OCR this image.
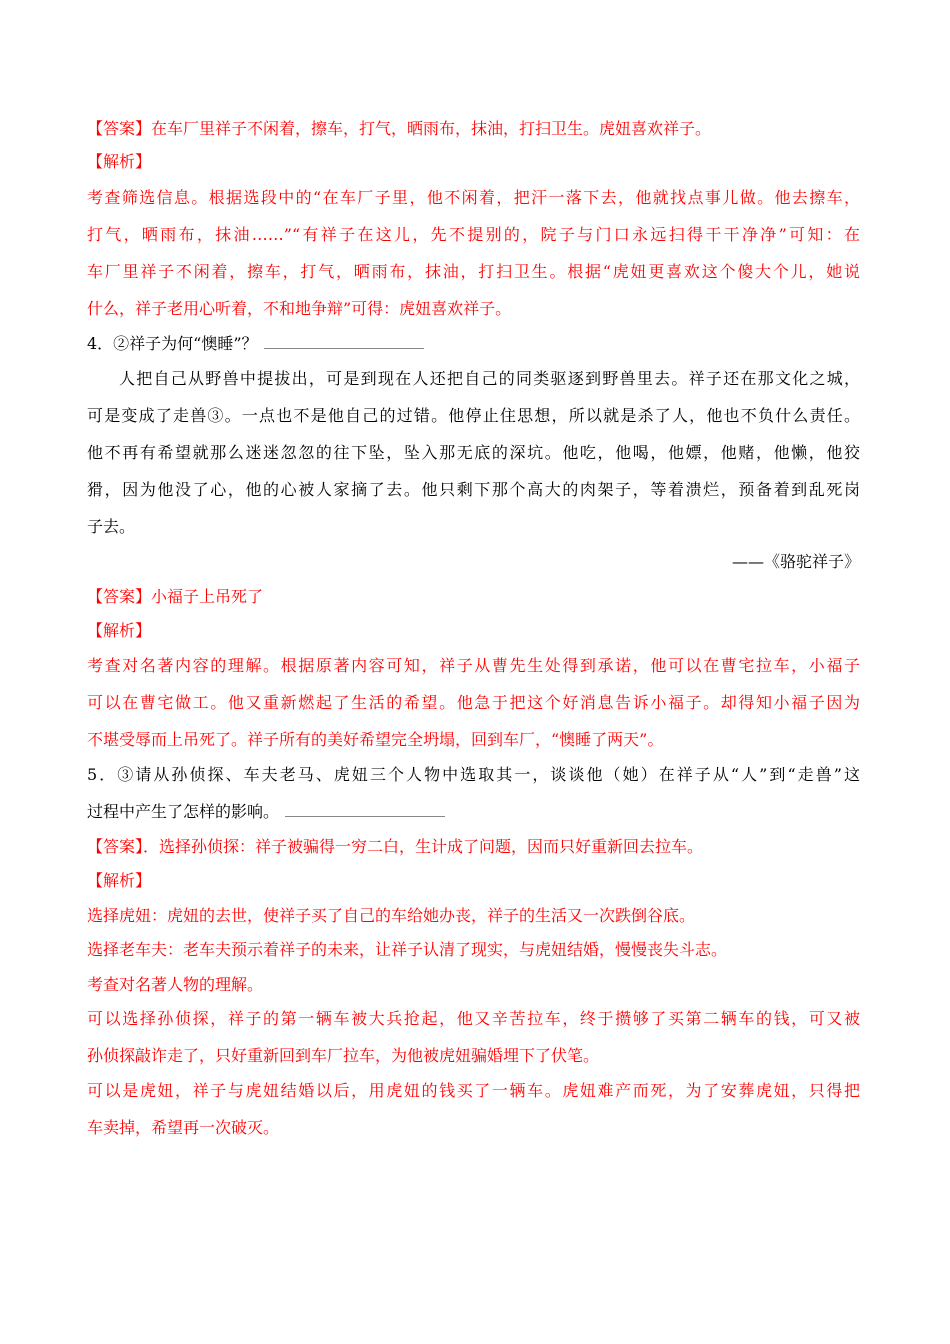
【答案】在车厂里祥子不闲着，擦车，打气，晒雨布，抹油，打扫卫生。虎妞喜欢祥子。
【解析】
考查筛选信息。根据选段中的“在车厂子里，他不闲着，把汗一落下去，他就找点事儿做。他去擦车，
打气，晒雨布，抹油……”“有祥子在这儿，先不提别的，院子与门口永远扫得干干净净”可知：在
车厂里祥子不闲着，擦车，打气，晒雨布，抹油，打扫卫生。根据“虎妞更喜欢这个傻大个儿，她说
什么，祥子老用心听着，不和地争辩”可得：虎妞喜欢祥子。
4．②祥子为何“懊睡”？
人把自己从野兽中提拔出，可是到现在人还把自己的同类驱逐到野兽里去。祥子还在那文化之城，
可是变成了走兽③。一点也不是他自己的过错。他停止住思想，所以就是杀了人，他也不负什么责任。
他不再有希望就那么迷迷忽忽的往下坠，坠入那无底的深坑。他吃，他喝，他嫖，他赌，他懒，他狡
猾，因为他没了心，他的心被人家摘了去。他只剩下那个高大的肉架子，等着溃烂，预备着到乱死岗
子去。
——《骆驼祥子》
【答案】小福子上吊死了
【解析】
考查对名著内容的理解。根据原著内容可知，祥子从曹先生处得到承诺，他可以在曹宅拉车，小福子
可以在曹宅做工。他又重新燃起了生活的希望。他急于把这个好消息告诉小福子。却得知小福子因为
不堪受辱而上吊死了。祥子所有的美好希望完全坍塌，回到车厂，“懊睡了两天”。
5．③请从孙侦探、车夫老马、虎妞三个人物中选取其一，谈谈他（她）在祥子从“人”到“走兽”这
过程中产生了怎样的影响。
【答案】．选择孙侦探：祥子被骗得一穷二白，生计成了问题，因而只好重新回去拉车。
【解析】
选择虎妞：虎妞的去世，使祥子买了自己的车给她办丧，祥子的生活又一次跌倒谷底。
选择老车夫：老车夫预示着祥子的未来，让祥子认清了现实，与虎妞结婚，慢慢丧失斗志。
考查对名著人物的理解。
可以选择孙侦探，祥子的第一辆车被大兵抢起，他又辛苦拉车，终于攒够了买第二辆车的钱，可又被
孙侦探敲诈走了，只好重新回到车厂拉车，为他被虎妞骗婚埋下了伏笔。
可以是虎妞，祥子与虎妞结婚以后，用虎妞的钱买了一辆车。虎妞难产而死，为了安葬虎妞，只得把
车卖掉，希望再一次破灭。
